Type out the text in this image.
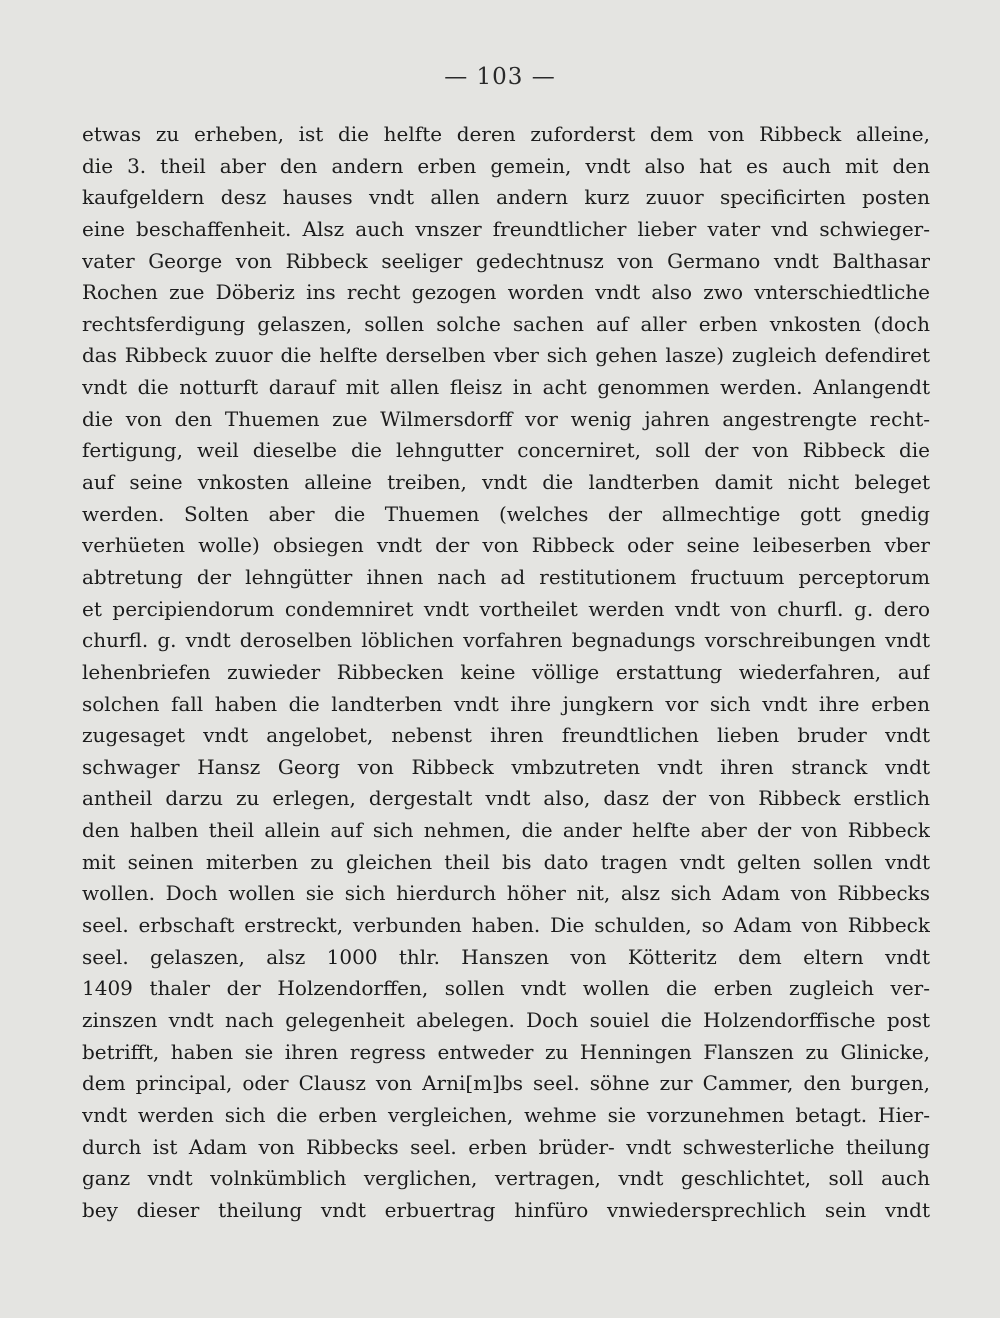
— 103 —
etwas zu erheben, ist die helfte deren zuforderst dem von Ribbeck alleine,
die 3. theil aber den andern erben gemein, vndt also hat es auch mit den
kaufgeldern desz hauses vndt allen andern kurz zuuor specificirten posten
eine beschaffenheit. Alsz auch vnszer freundtlicher lieber vater vnd schwieger-
vater George von Ribbeck seeliger gedechtnusz von Germano vndt Balthasar
Rochen zue Döberiz ins recht gezogen worden vndt also zwo vnterschiedtliche
rechtsferdigung gelaszen, sollen solche sachen auf aller erben vnkosten (doch
das Ribbeck zuuor die helfte derselben vber sich gehen lasze) zugleich defendiret
vndt die notturft darauf mit allen fleisz in acht genommen werden. Anlangendt
die von den Thuemen zue Wilmersdorff vor wenig jahren angestrengte recht-
fertigung, weil dieselbe die lehngutter concerniret, soll der von Ribbeck die
auf seine vnkosten alleine treiben, vndt die landterben damit nicht beleget
werden. Solten aber die Thuemen (welches der allmechtige gott gnedig
verhüeten wolle) obsiegen vndt der von Ribbeck oder seine leibeserben vber
abtretung der lehngütter ihnen nach ad restitutionem fructuum perceptorum
et percipiendorum condemniret vndt vortheilet werden vndt von churfl. g. dero
churfl. g. vndt deroselben löblichen vorfahren begnadungs vorschreibungen vndt
lehenbriefen zuwieder Ribbecken keine völlige erstattung wiederfahren, auf
solchen fall haben die landterben vndt ihre jungkern vor sich vndt ihre erben
zugesaget vndt angelobet, nebenst ihren freundtlichen lieben bruder vndt
schwager Hansz Georg von Ribbeck vmbzutreten vndt ihren stranck vndt
antheil darzu zu erlegen, dergestalt vndt also, dasz der von Ribbeck erstlich
den halben theil allein auf sich nehmen, die ander helfte aber der von Ribbeck
mit seinen miterben zu gleichen theil bis dato tragen vndt gelten sollen vndt
wollen. Doch wollen sie sich hierdurch höher nit, alsz sich Adam von Ribbecks
seel. erbschaft erstreckt, verbunden haben. Die schulden, so Adam von Ribbeck
seel. gelaszen, alsz 1000 thlr. Hanszen von Kötteritz dem eltern vndt
1409 thaler der Holzendorffen, sollen vndt wollen die erben zugleich ver-
zinszen vndt nach gelegenheit abelegen. Doch souiel die Holzendorffische post
betrifft, haben sie ihren regress entweder zu Henningen Flanszen zu Glinicke,
dem principal, oder Clausz von Arni[m]bs seel. söhne zur Cammer, den burgen,
vndt werden sich die erben vergleichen, wehme sie vorzunehmen betagt. Hier-
durch ist Adam von Ribbecks seel. erben brüder- vndt schwesterliche theilung
ganz vndt volnkümblich verglichen, vertragen, vndt geschlichtet, soll auch
bey dieser theilung vndt erbuertrag hinfüro vnwiedersprechlich sein vndt
